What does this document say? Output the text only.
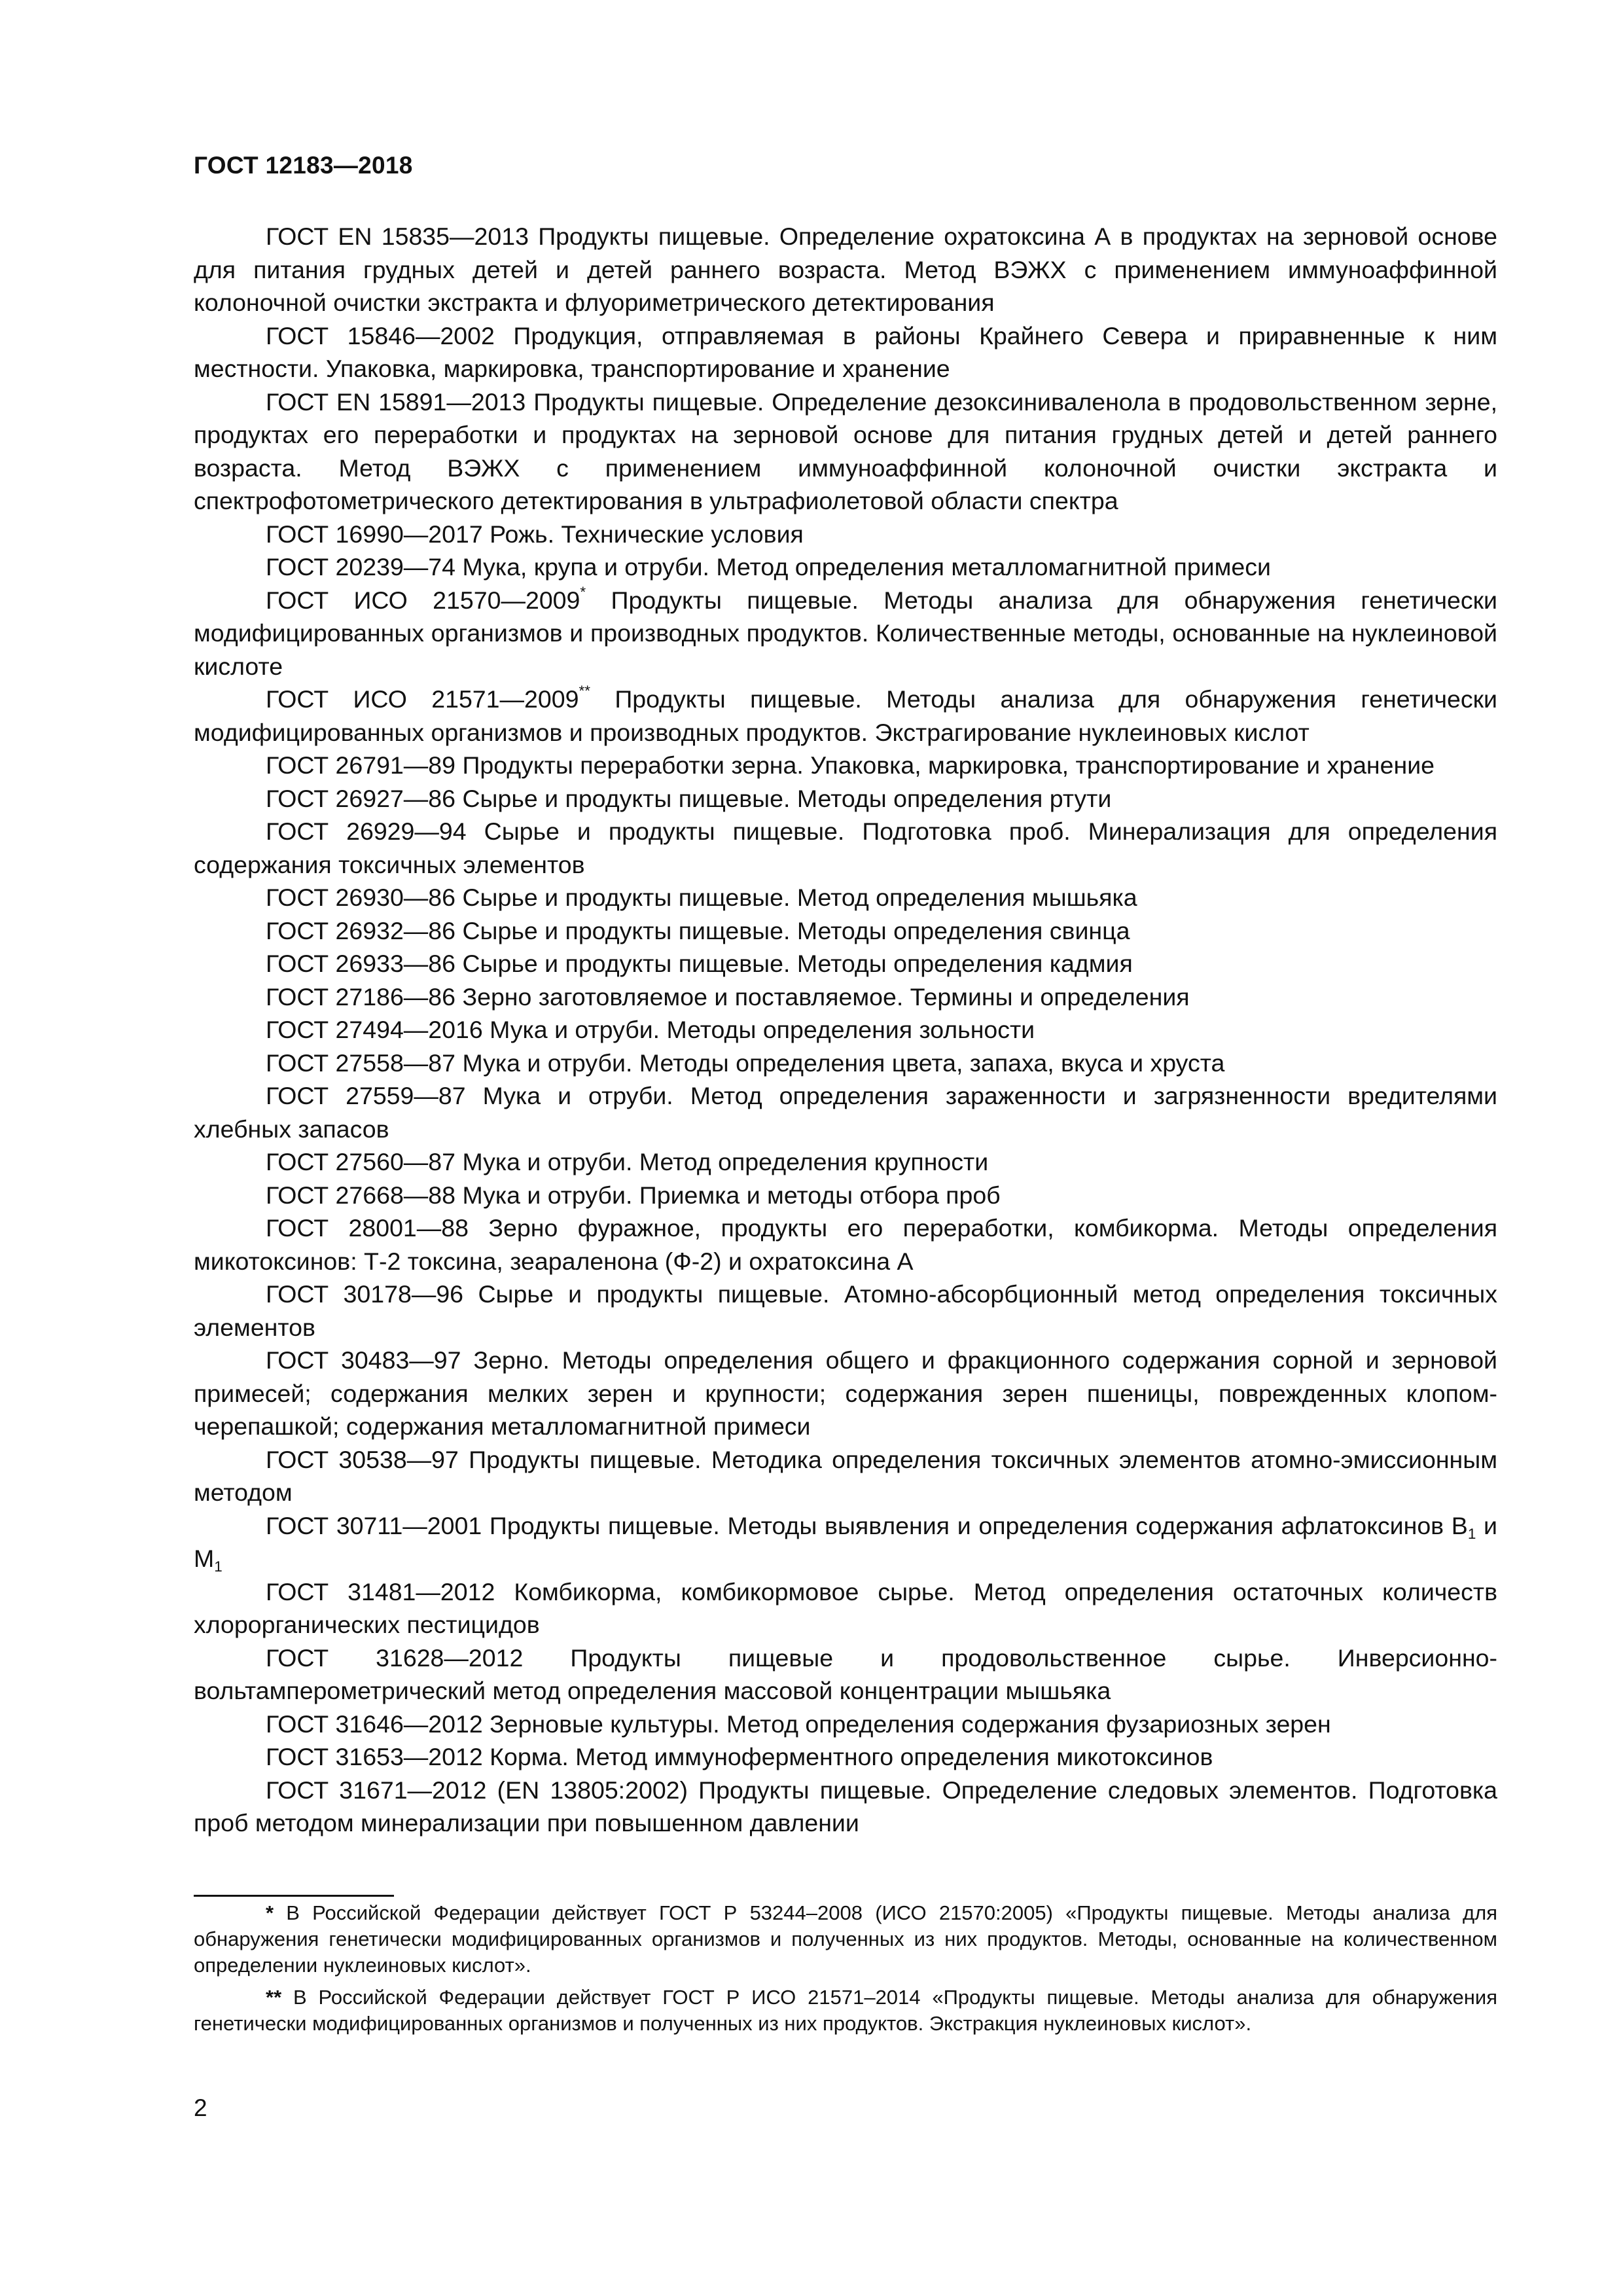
ГОСТ 12183—2018

ГОСТ EN 15835—2013 Продукты пищевые. Определение охратоксина А в продуктах на зерновой основе для питания грудных детей и детей раннего возраста. Метод ВЭЖХ с применением иммуноаффинной колоночной очистки экстракта и флуориметрического детектирования

ГОСТ 15846—2002 Продукция, отправляемая в районы Крайнего Севера и приравненные к ним местности. Упаковка, маркировка, транспортирование и хранение

ГОСТ EN 15891—2013 Продукты пищевые. Определение дезоксиниваленола в продовольственном зерне, продуктах его переработки и продуктах на зерновой основе для питания грудных детей и детей раннего возраста. Метод ВЭЖХ с применением иммуноаффинной колоночной очистки экстракта и спектрофотометрического детектирования в ультрафиолетовой области спектра

ГОСТ 16990—2017 Рожь. Технические условия

ГОСТ 20239—74 Мука, крупа и отруби. Метод определения металломагнитной примеси

ГОСТ ИСО 21570—2009* Продукты пищевые. Методы анализа для обнаружения генетически модифицированных организмов и производных продуктов. Количественные методы, основанные на нуклеиновой кислоте

ГОСТ ИСО 21571—2009** Продукты пищевые. Методы анализа для обнаружения генетически модифицированных организмов и производных продуктов. Экстрагирование нуклеиновых кислот

ГОСТ 26791—89 Продукты переработки зерна. Упаковка, маркировка, транспортирование и хранение

ГОСТ 26927—86 Сырье и продукты пищевые. Методы определения ртути

ГОСТ 26929—94 Сырье и продукты пищевые. Подготовка проб. Минерализация для определения содержания токсичных элементов

ГОСТ 26930—86 Сырье и продукты пищевые. Метод определения мышьяка

ГОСТ 26932—86 Сырье и продукты пищевые. Методы определения свинца

ГОСТ 26933—86 Сырье и продукты пищевые. Методы определения кадмия

ГОСТ 27186—86 Зерно заготовляемое и поставляемое. Термины и определения

ГОСТ 27494—2016 Мука и отруби. Методы определения зольности

ГОСТ 27558—87 Мука и отруби. Методы определения цвета, запаха, вкуса и хруста

ГОСТ 27559—87 Мука и отруби. Метод определения зараженности и загрязненности вредителями хлебных запасов

ГОСТ 27560—87 Мука и отруби. Метод определения крупности

ГОСТ 27668—88 Мука и отруби. Приемка и методы отбора проб

ГОСТ 28001—88 Зерно фуражное, продукты его переработки, комбикорма. Методы определения микотоксинов: Т-2 токсина, зеараленона (Ф-2) и охратоксина А

ГОСТ 30178—96 Сырье и продукты пищевые. Атомно-абсорбционный метод определения токсичных элементов

ГОСТ 30483—97 Зерно. Методы определения общего и фракционного содержания сорной и зерновой примесей; содержания мелких зерен и крупности; содержания зерен пшеницы, поврежденных клопом-черепашкой; содержания металломагнитной примеси

ГОСТ 30538—97 Продукты пищевые. Методика определения токсичных элементов атомно-эмиссионным методом

ГОСТ 30711—2001 Продукты пищевые. Методы выявления и определения содержания афлатоксинов $B_1$ и $M_1$

ГОСТ 31481—2012 Комбикорма, комбикормовое сырье. Метод определения остаточных количеств хлорорганических пестицидов

ГОСТ 31628—2012 Продукты пищевые и продовольственное сырье. Инверсионно-вольтамперометрический метод определения массовой концентрации мышьяка

ГОСТ 31646—2012 Зерновые культуры. Метод определения содержания фузариозных зерен

ГОСТ 31653—2012 Корма. Метод иммуноферментного определения микотоксинов

ГОСТ 31671—2012 (EN 13805:2002) Продукты пищевые. Определение следовых элементов. Подготовка проб методом минерализации при повышенном давлении

* В Российской Федерации действует ГОСТ Р 53244–2008 (ИСО 21570:2005) «Продукты пищевые. Методы анализа для обнаружения генетически модифицированных организмов и полученных из них продуктов. Методы, основанные на количественном определении нуклеиновых кислот».

** В Российской Федерации действует ГОСТ Р ИСО 21571–2014 «Продукты пищевые. Методы анализа для обнаружения генетически модифицированных организмов и полученных из них продуктов. Экстракция нуклеиновых кислот».

2
